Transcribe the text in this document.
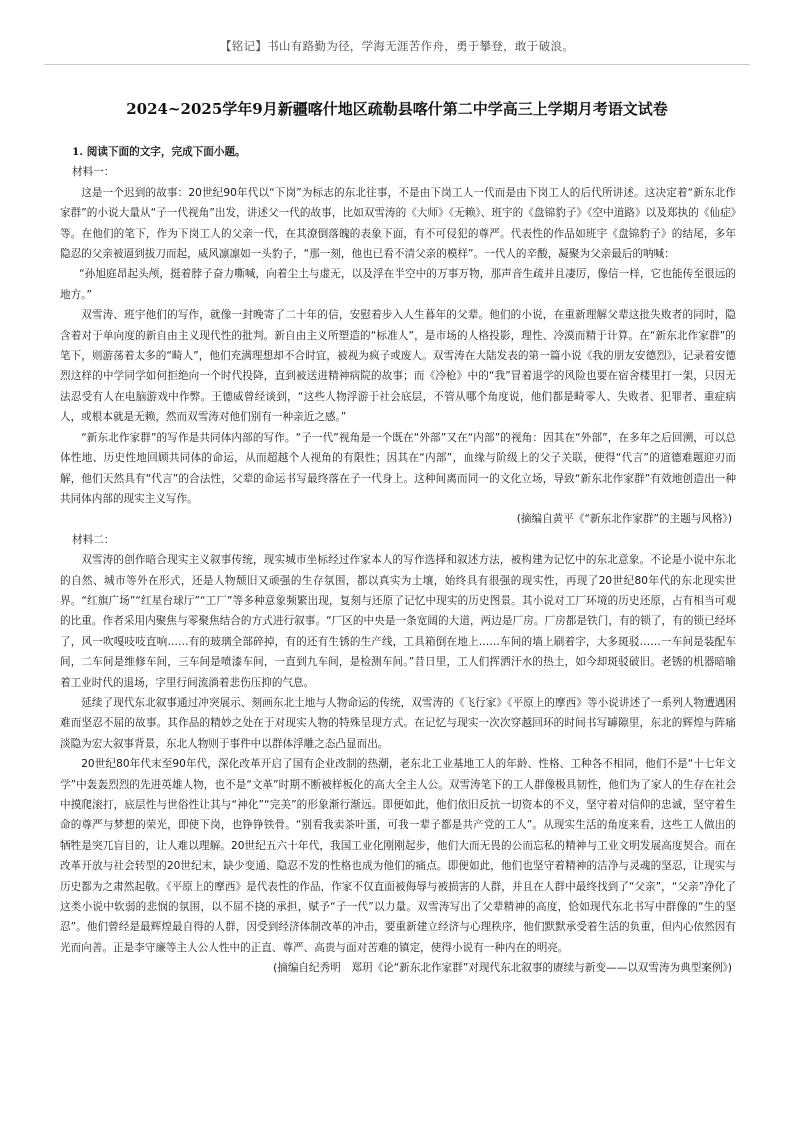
【铭记】书山有路勤为径，学海无涯苦作舟，勇于攀登，敢于破浪。
2024~2025学年9月新疆喀什地区疏勒县喀什第二中学高三上学期月考语文试卷

1. 阅读下面的文字，完成下面小题。

材料一：

这是一个迟到的故事：20世纪90年代以“下岗”为标志的东北往事，不是由下岗工人一代而是由下岗工人的后代所讲述。这决定着“新东北作家群”的小说大量从“子一代视角”出发，讲述父一代的故事，比如双雪涛的《大师》《无赖》、班宇的《盘锦豹子》《空中道路》以及郑执的《仙症》等。在他们的笔下，作为下岗工人的父亲一代，在其潦倒落魄的表象下面，有不可侵犯的尊严。代表性的作品如班宇《盘锦豹子》的结尾，多年隐忍的父亲被逼到拔刀而起，威风凛凛如一头豹子，“那一刻，他也已看不清父亲的模样”。一代人的辛酸，凝聚为父亲最后的呐喊：

“孙旭庭昂起头颅，挺着脖子奋力嘶喊，向着尘土与虚无，以及浮在半空中的万事万物，那声音生疏并且凄厉，像信一样，它也能传至很远的地方。”

双雪涛、班宇他们的写作，就像一封晚寄了二十年的信，安慰着步入人生暮年的父辈。他们的小说，在重新理解父辈这批失败者的同时，隐含着对于单向度的新自由主义现代性的批判。新自由主义所塑造的“标准人”，是市场的人格投影，理性、冷漠而精于计算。在“新东北作家群”的笔下，则游荡着太多的“畸人”，他们充满理想却不合时宜，被视为疯子或废人。双雪涛在大陆发表的第一篇小说《我的朋友安德烈》，记录着安德烈这样的中学同学如何拒绝向一个时代投降，直到被送进精神病院的故事；而《冷枪》中的“我”冒着退学的风险也要在宿舍楼里打一架，只因无法忍受有人在电脑游戏中作弊。王德威曾经谈到，“这些人物浮游于社会底层，不管从哪个角度说，他们都是畸零人、失败者、犯罪者、重症病人，或根本就是无赖，然而双雪涛对他们别有一种亲近之感。”

“新东北作家群”的写作是共同体内部的写作。“子一代”视角是一个既在“外部”又在“内部”的视角：因其在“外部”，在多年之后回溯，可以总体性地、历史性地回顾共同体的命运，从而超越个人视角的有限性；因其在“内部”，血缘与阶级上的父子关联，使得“代言”的道德难题迎刃而解，他们天然具有“代言”的合法性，父辈的命运书写最终落在子一代身上。这种间离而同一的文化立场，导致“新东北作家群”有效地创造出一种共同体内部的现实主义写作。

(摘编自黄平《“新东北作家群”的主题与风格》)

材料二：

双雪涛的创作暗合现实主义叙事传统，现实城市坐标经过作家本人的写作选择和叙述方法，被构建为记忆中的东北意象。不论是小说中东北的自然、城市等外在形式，还是人物颓旧又顽强的生存氛围，都以真实为土壤，始终具有很强的现实性，再现了20世纪80年代的东北现实世界。“红旗广场”“红星台球厅”“工厂”等多种意象频繁出现，复刻与还原了记忆中现实的历史图景。其小说对工厂环境的历史还原，占有相当可观的比重。作者采用内聚焦与零聚焦结合的方式进行叙事。“厂区的中央是一条宽阔的大道，两边是厂房。厂房都是铁门，有的锁了，有的锁已经坏了，风一吹嘎吱吱直响……有的玻璃全部碎掉，有的还有生锈的生产线，工具箱倒在地上……车间的墙上刷着字，大多斑驳……一车间是装配车间，二车间是维修车间，三车间是喷漆车间，一直到九车间，是检测车间。”昔日里，工人们挥洒汗水的热土，如今却斑驳破旧。老锈的机器暗喻着工业时代的退场，字里行间流淌着悲伤压抑的气息。

延续了现代东北叙事通过冲突展示、刻画东北土地与人物命运的传统，双雪涛的《飞行家》《平原上的摩西》等小说讲述了一系列人物遭遇困难而坚忍不屈的故事。其作品的精妙之处在于对现实人物的特殊呈现方式。在记忆与现实一次次穿越回环的时间书写罅隙里，东北的辉煌与阵痛淡隐为宏大叙事背景，东北人物则于事件中以群体浮雕之态凸显而出。

20世纪80年代末至90年代，深化改革开启了国有企业改制的热潮，老东北工业基地工人的年龄、性格、工种各不相同，他们不是“十七年文学”中轰轰烈烈的先进英雄人物，也不是“文革”时期不断被样板化的高大全主人公。双雪涛笔下的工人群像极具韧性，他们为了家人的生存在社会中摸爬滚打，底层性与世俗性让其与“神化”“完美”的形象渐行渐远。即便如此，他们依旧反抗一切资本的不义，坚守着对信仰的忠诚，坚守着生命的尊严与梦想的荣光，即使下岗，也铮铮铁骨。“别看我卖茶叶蛋，可我一辈子都是共产党的工人”。从现实生活的角度来看，这些工人做出的牺牲是突兀盲目的，让人难以理解。20世纪五六十年代，我国工业化刚刚起步，他们大而无畏的公而忘私的精神与工业文明发展高度契合。而在改革开放与社会转型的20世纪末，缺少变通、隐忍不发的性格也成为他们的痛点。即便如此，他们也坚守着精神的洁净与灵魂的坚忍，让现实与历史都为之肃然起敬。《平原上的摩西》是代表性的作品，作家不仅直面被侮辱与被损害的人群，并且在人群中最终找到了“父亲”，“父亲”净化了这类小说中软弱的悲悯的氛围，以不屈不挠的承担，赋予“子一代”以力量。双雪涛写出了父辈精神的高度，恰如现代东北书写中群像的“生的坚忍”。他们曾经是最辉煌最自得的人群，因受到经济体制改革的冲击，要重新建立经济与心理秩序，他们默默承受着生活的负重，但内心依然因有光而向善。正是李守廉等主人公人性中的正直、尊严、高贵与面对苦难的镇定，使得小说有一种内在的明亮。

(摘编自纪秀明　郑玥《论“新东北作家群”对现代东北叙事的赓续与新变——以双雪涛为典型案例》)
